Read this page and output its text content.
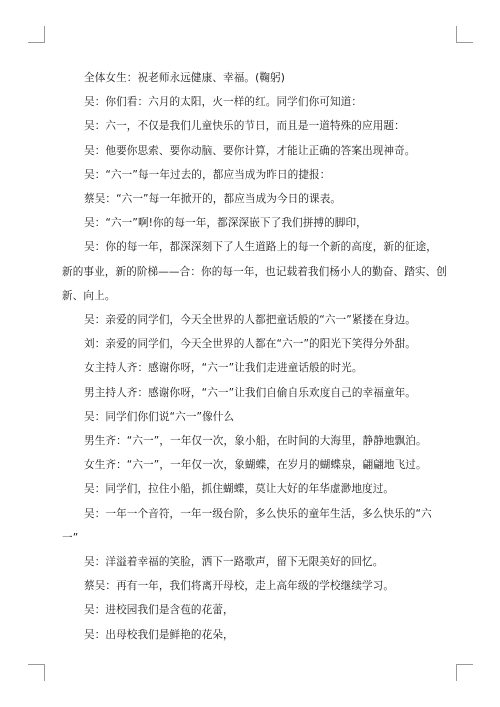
全体女生：祝老师永远健康、幸福。(鞠躬)

吴：你们看：六月的太阳，火一样的红。同学们你可知道：

吴：六一，不仅是我们儿童快乐的节日，而且是一道特殊的应用题：

吴：他要你思索、要你动脑、要你计算，才能让正确的答案出现神奇。

吴：“六一”每一年过去的，都应当成为昨日的捷报：

蔡吴：“六一”每一年掀开的，都应当成为今日的课表。

吴：“六一”啊!你的每一年，都深深嵌下了我们拼搏的脚印，

吴：你的每一年，都深深刻下了人生道路上的每一个新的高度，新的征途，新的事业，新的阶梯——合：你的每一年，也记载着我们杨小人的勤奋、踏实、创新、向上。

吴：亲爱的同学们，今天全世界的人都把童话般的“六一”紧搂在身边。

刘：亲爱的同学们，今天全世界的人都在“六一”的阳光下笑得分外甜。

女主持人齐：感谢你呀，“六一”让我们走进童话般的时光。

男主持人齐：感谢你呀，“六一”让我们自偷自乐欢度自己的幸福童年。

吴：同学们你们说“六一”像什么

男生齐：“六一”，一年仅一次，象小船，在时间的大海里，静静地飘泊。

女生齐：“六一”，一年仅一次，象蝴蝶，在岁月的蝴蝶泉，翩翩地飞过。

吴：同学们，拉住小船，抓住蝴蝶，莫让大好的年华虚渺地度过。

吴：一年一个音符，一年一级台阶，多么快乐的童年生活，多么快乐的“六一”

吴：洋溢着幸福的笑脸，洒下一路歌声，留下无限美好的回忆。

蔡吴：再有一年，我们将离开母校，走上高年级的学校继续学习。

吴：进校园我们是含苞的花蕾，

吴：出母校我们是鲜艳的花朵，
